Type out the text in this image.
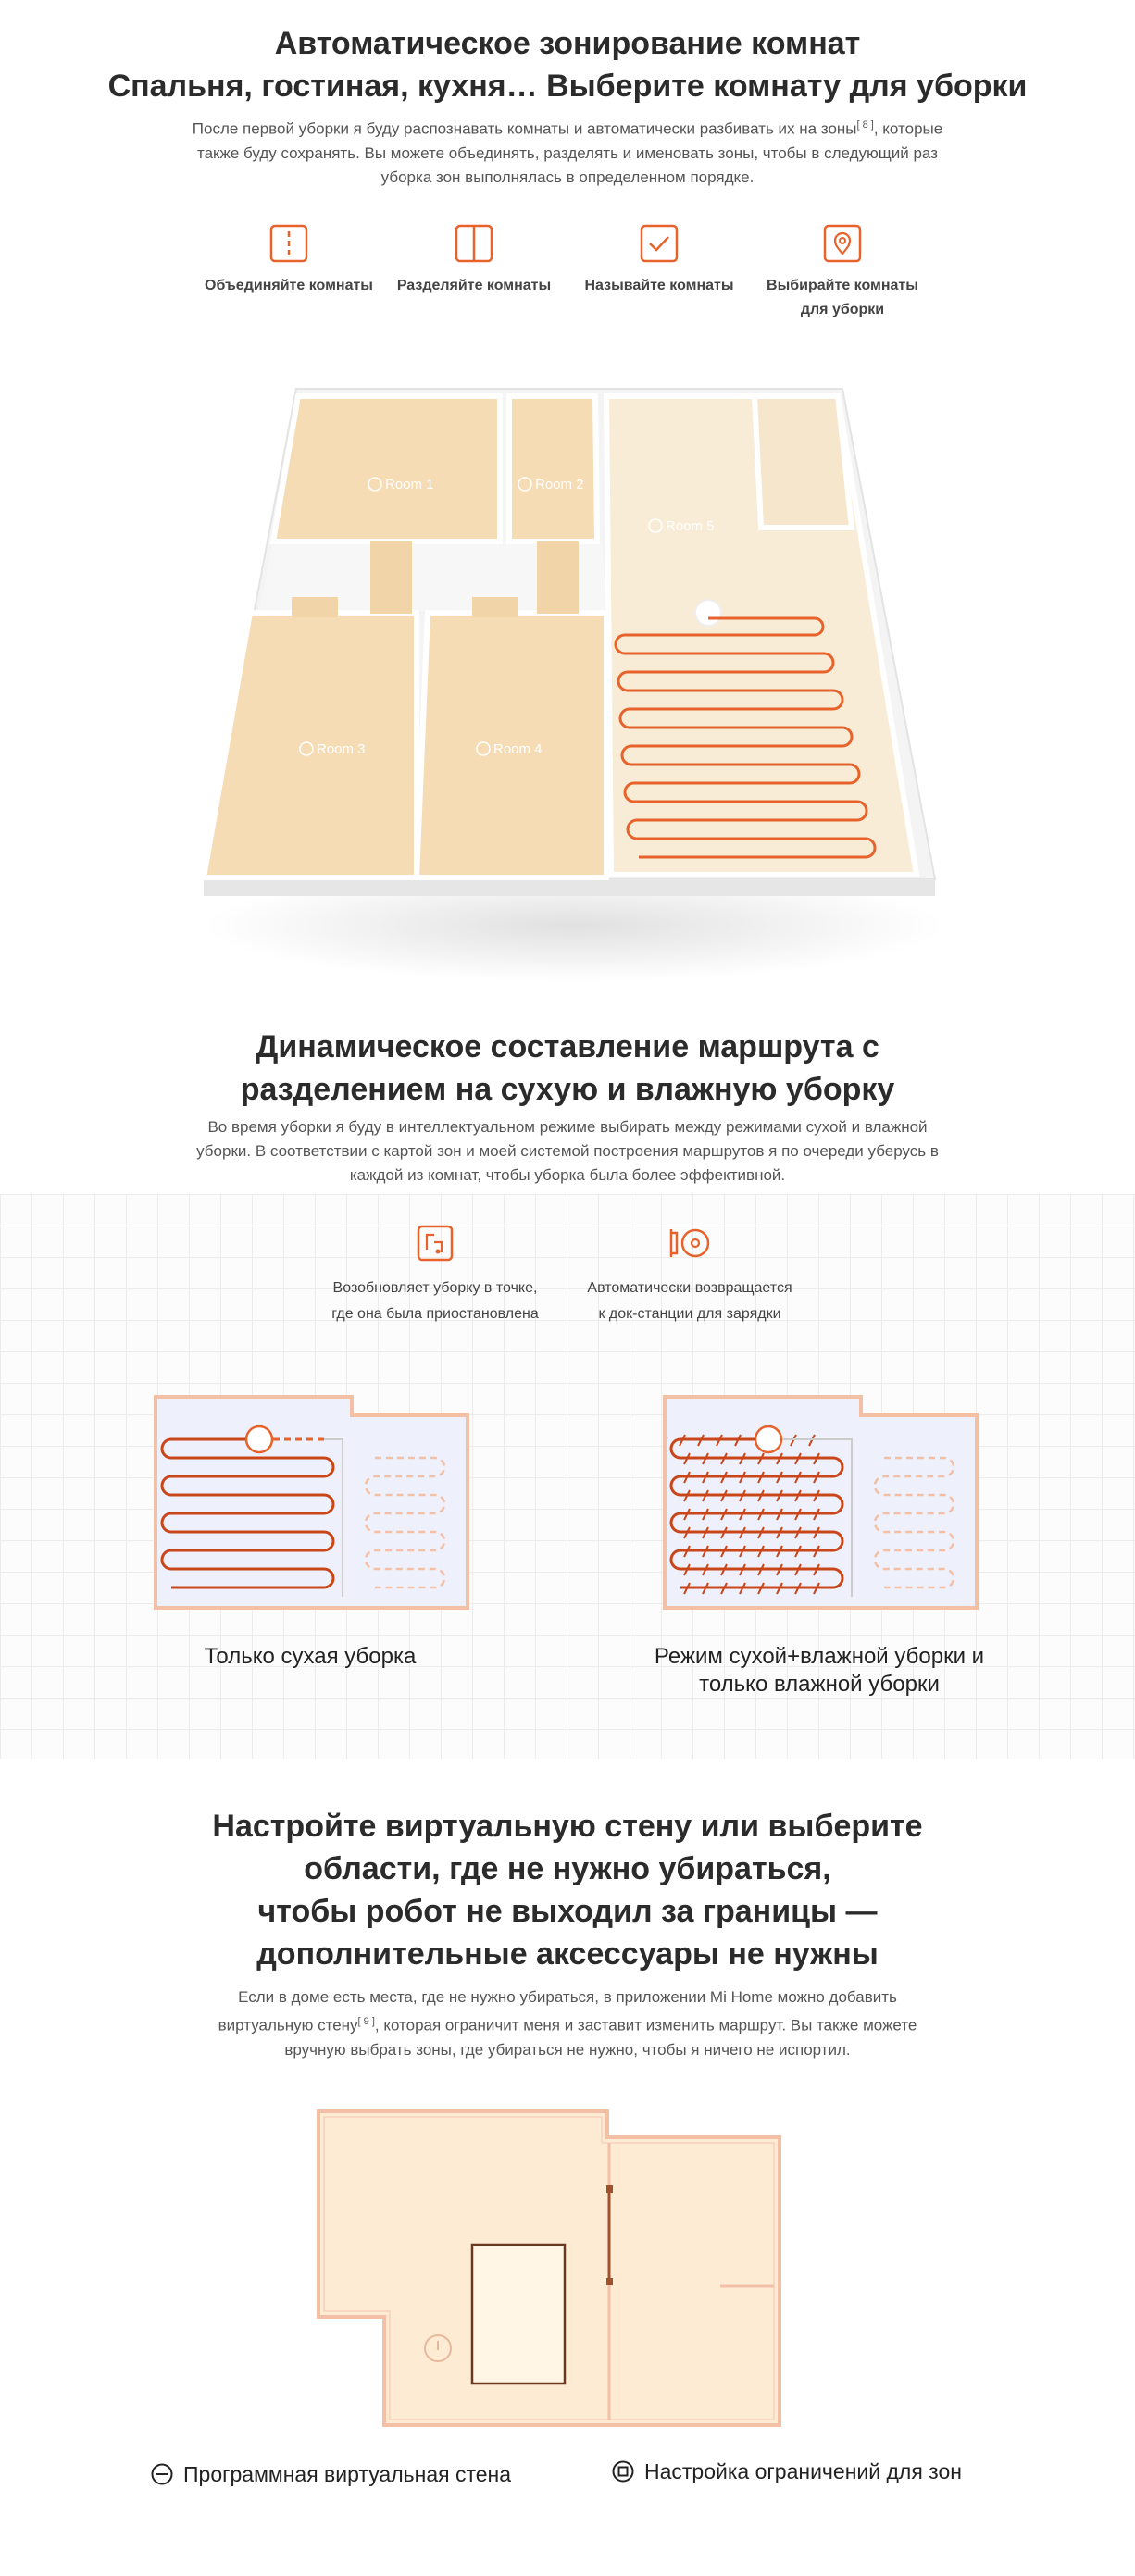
Автоматическое зонирование комнат
Спальня, гостиная, кухня… Выберите комнату для уборки
После первой уборки я буду распознавать комнаты и автоматически разбивать их на зоны[ 8 ], которые
также буду сохранять. Вы можете объединять, разделять и именовать зоны, чтобы в следующий раз
уборка зон выполнялась в определенном порядке.
Объединяйте комнаты	Разделяйте комнаты	Называйте комнаты	Выбирайте комнаты
для уборки
Room 1	Room 2
Room 5
Room 3	Room 4
Динамическое составление маршрута с
разделением на сухую и влажную уборку
Во время уборки я буду в интеллектуальном режиме выбирать между режимами сухой и влажной
уборки. В соответствии с картой зон и моей системой построения маршрутов я по очереди уберусь в
каждой из комнат, чтобы уборка была более эффективной.
Возобновляет уборку в точке,
где она была приостановлена
Автоматически возвращается
к док-станции для зарядки
Только сухая уборка	Режим сухой+влажной уборки и
только влажной уборки
Настройте виртуальную стену или выберите
области, где не нужно убираться,
чтобы робот не выходил за границы —
дополнительные аксессуары не нужны
Если в доме есть места, где не нужно убираться, в приложении Mi Home можно добавить
виртуальную стену[ 9 ], которая ограничит меня и заставит изменить маршрут. Вы также можете
вручную выбрать зоны, где убираться не нужно, чтобы я ничего не испортил.
Программная виртуальная стена	Настройка ограничений для зон
